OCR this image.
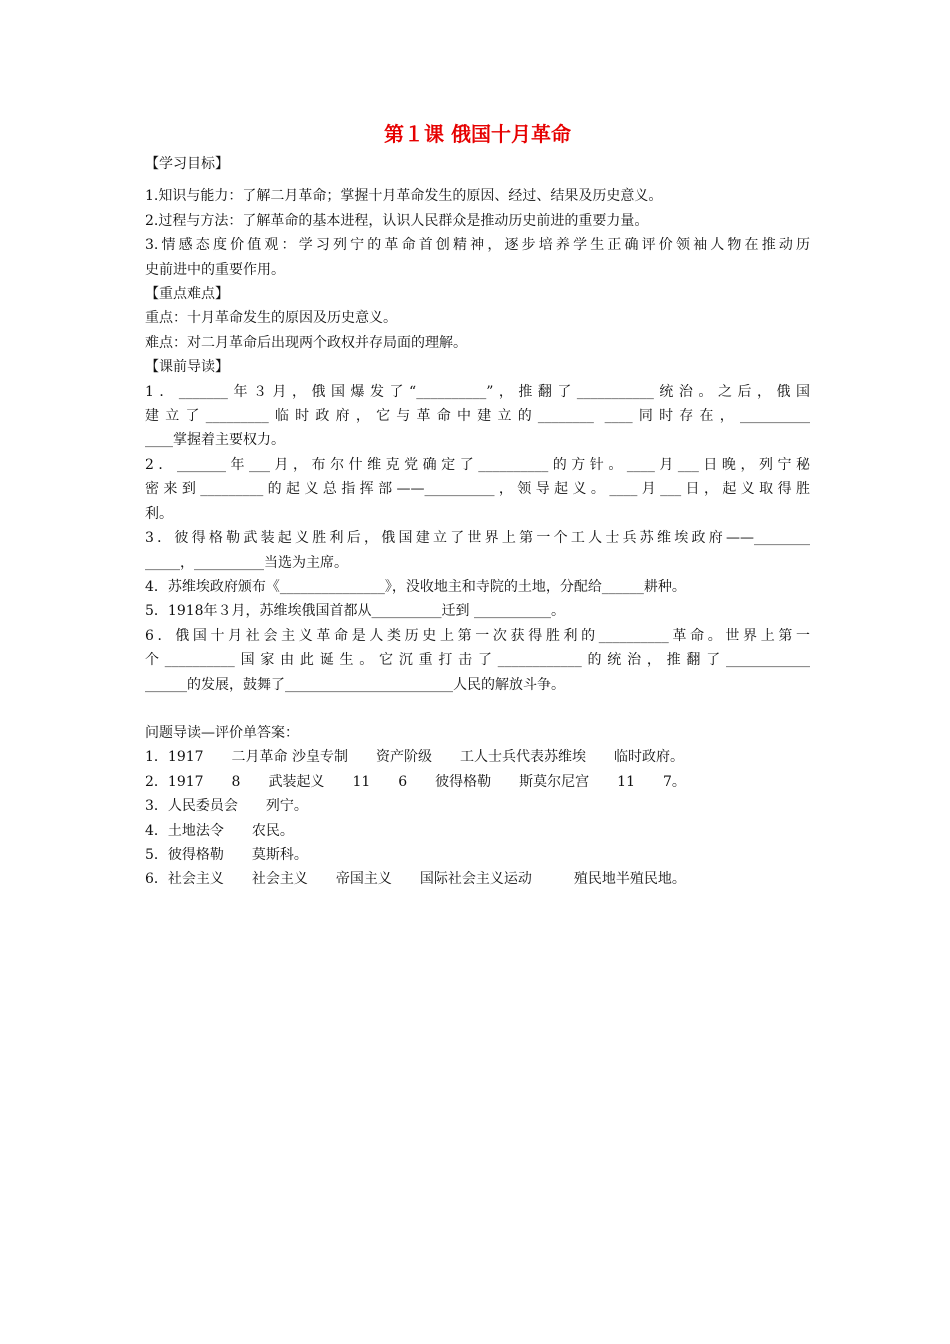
第１课 俄国十月革命
【学习目标】
1.知识与能力：了解二月革命；掌握十月革命发生的原因、经过、结果及历史意义。
2.过程与方法：了解革命的基本进程，认识人民群众是推动历史前进的重要力量。
3.情感态度价值观：学习列宁的革命首创精神，逐步培养学生正确评价领袖人物在推动历
史前进中的重要作用。
【重点难点】
重点：十月革命发生的原因及历史意义。
难点：对二月革命后出现两个政权并存局面的理解。
【课前导读】
1．_______年３月，俄国爆发了“__________”，推翻了___________统治。之后，俄国
建立了_________临时政府，它与革命中建立的________ ____同时存在，__________
____掌握着主要权力。
2．_______年___月，布尔什维克党确定了__________的方针。____月___日晚，列宁秘
密来到_________的起义总指挥部——__________，领导起义。____月___日，起义取得胜
利。
3．彼得格勒武装起义胜利后，俄国建立了世界上第一个工人士兵苏维埃政府——________
_____，__________当选为主席。
4．苏维埃政府颁布《_______________》，没收地主和寺院的土地，分配给______耕种。
5．1918年３月，苏维埃俄国首都从__________迁到 ___________。
6．俄国十月社会主义革命是人类历史上第一次获得胜利的__________革命。世界上第一
个__________国家由此诞生。它沉重打击了____________的统治，推翻了____________
______的发展，鼓舞了________________________人民的解放斗争。
问题导读—评价单答案：
1．1917　　二月革命 沙皇专制　　资产阶级　　工人士兵代表苏维埃　　临时政府。
2．1917　　8　　武装起义　　11　　6　　彼得格勒　　斯莫尔尼宫　　11　　7。
3．人民委员会　　列宁。
4．土地法令　　农民。
5．彼得格勒　　莫斯科。
6．社会主义　　社会主义　　帝国主义　　国际社会主义运动　　　殖民地半殖民地。
